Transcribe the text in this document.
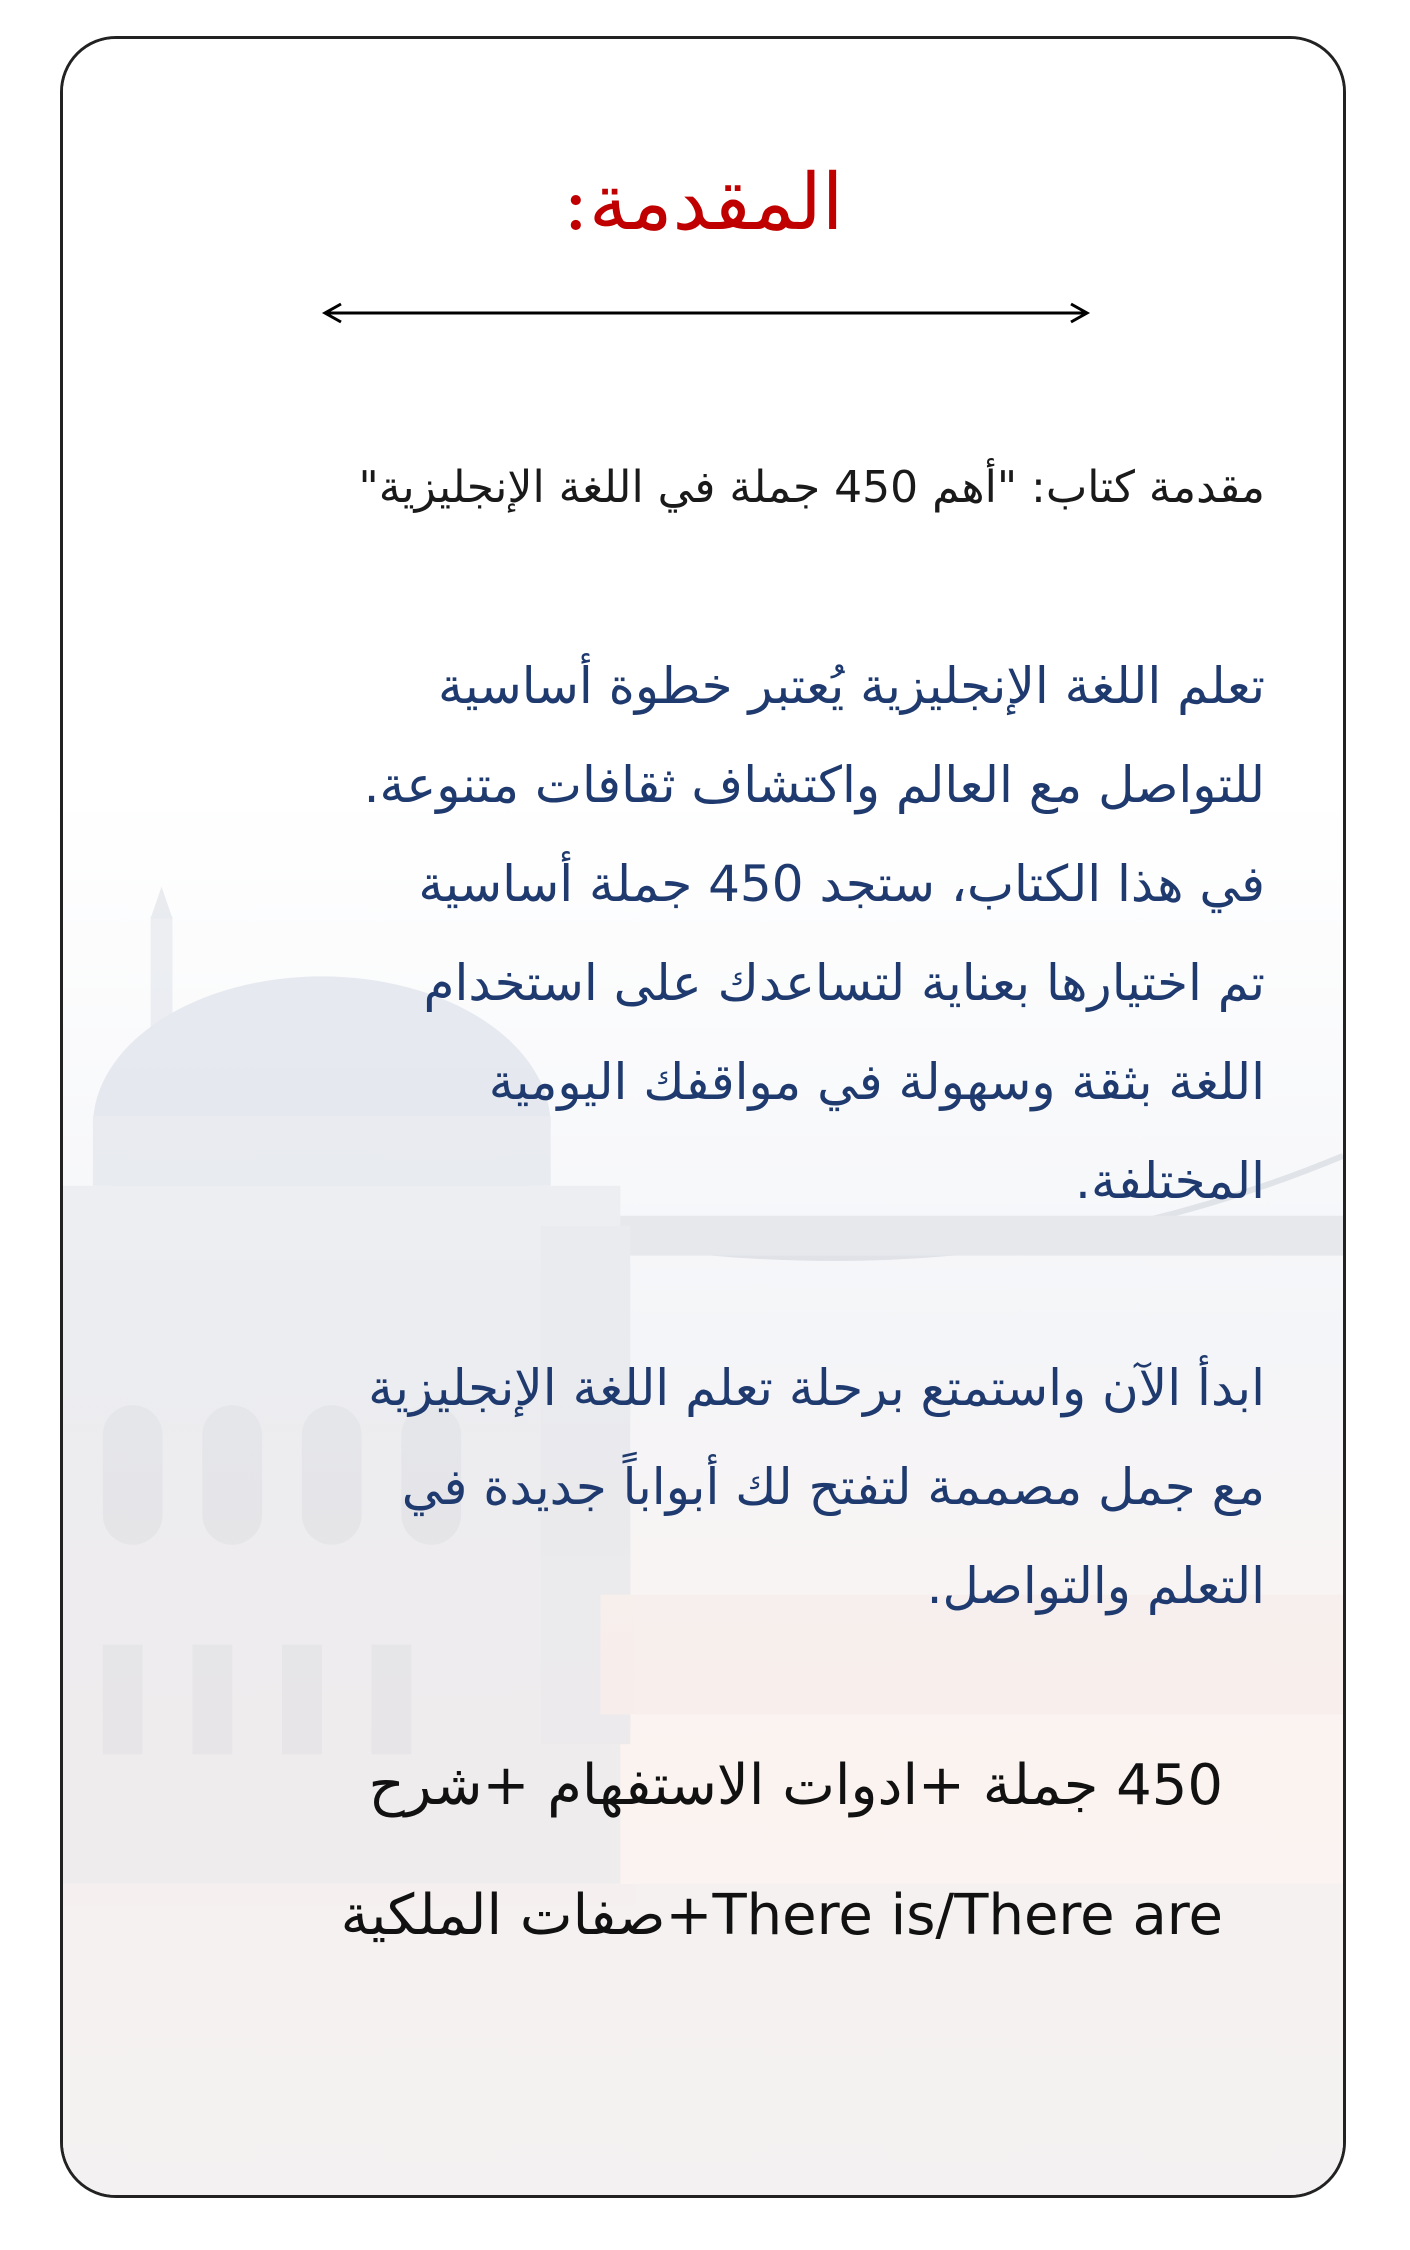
المقدمة:
مقدمة كتاب: "أهم 450 جملة في اللغة الإنجليزية"
تعلم اللغة الإنجليزية يُعتبر خطوة أساسية
للتواصل مع العالم واكتشاف ثقافات متنوعة.
في هذا الكتاب، ستجد 450 جملة أساسية
تم اختيارها بعناية لتساعدك على استخدام
اللغة بثقة وسهولة في مواقفك اليومية
المختلفة.
ابدأ الآن واستمتع برحلة تعلم اللغة الإنجليزية
مع جمل مصممة لتفتح لك أبواباً جديدة في
التعلم والتواصل.
450 جملة +ادوات الاستفهام +شرح
There is/There are+صفات الملكية
